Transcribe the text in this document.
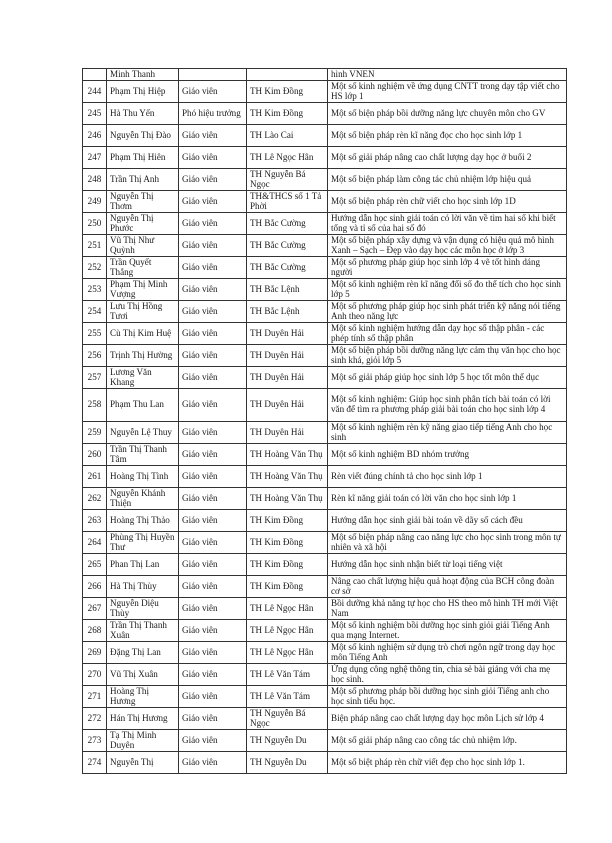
	Minh Thanh			hình VNEN
244	Phạm Thị Hiệp	Giáo viên	TH Kim Đồng	Một số kinh nghiệm về ứng dụng CNTT trong dạy tập viết cho HS lớp 1
245	Hà Thu Yến	Phó hiệu trưởng	TH Kim Đồng	Một số biện pháp bồi dưỡng năng lực chuyên môn cho GV
246	Nguyễn Thị Đào	Giáo viên	TH Lào Cai	Một số biện pháp rèn kĩ năng đọc cho học sinh lớp 1
247	Phạm Thị Hiên	Giáo viên	TH Lê Ngọc Hân	Một số giải pháp nâng cao chất lượng dạy học ở buổi 2
248	Trần Thị Anh	Giáo viên	TH Nguyễn Bá Ngọc	Một số biện pháp làm công tác chủ nhiệm lớp hiệu quả
249	Nguyễn Thị Thơm	Giáo viên	TH&THCS số 1 Tả Phời	Một số biện pháp rèn chữ viết cho học sinh lớp 1D
250	Nguyễn Thị Phước	Giáo viên	TH Bắc Cường	Hướng dẫn học sinh giải toán có lời văn về tìm hai số khi biết tổng và tỉ số của hai số đó
251	Vũ Thị Như Quỳnh	Giáo viên	TH Bắc Cường	Một số biện pháp xây dựng và vận dụng có hiệu quả mô hình Xanh – Sạch – Đẹp vào dạy học các môn học ở lớp 3
252	Trần Quyết Thắng	Giáo viên	TH Bắc Cường	Một số phương pháp giúp học sinh lớp 4 vẽ tốt hình dáng người
253	Phạm Thị Minh Vượng	Giáo viên	TH Bắc Lệnh	Một số kinh nghiệm rèn kĩ năng đổi số đo thể tích cho học sinh lớp 5
254	Lưu Thị Hồng Tươi	Giáo viên	TH Bắc Lệnh	Một số phương pháp giúp học sinh phát triển kỹ năng nói tiếng Anh theo năng lực
255	Cù Thị Kim Huệ	Giáo viên	TH Duyên Hải	Một số kinh nghiệm hướng dẫn dạy học số thập phân - các phép tính số thập phân
256	Trịnh Thị Hường	Giáo viên	TH Duyên Hải	Một số biện pháp bồi dưỡng năng lực cảm thụ văn học cho học sinh khá, giỏi lớp 5
257	Lương Văn Khang	Giáo viên	TH Duyên Hải	Một số giải pháp giúp học sinh lớp 5 học tốt môn thể dục
258	Phạm Thu Lan	Giáo viên	TH Duyên Hải	Một số kinh nghiệm: Giúp học sinh phân tích bài toán có lời văn để tìm ra phương pháp giải bài toán cho học sinh lớp 4
259	Nguyễn Lệ Thuy	Giáo viên	TH Duyên Hải	Một số kinh nghiệm rèn kỹ năng giao tiếp tiếng Anh cho học sinh
260	Trần Thị Thanh Tâm	Giáo viên	TH Hoàng Văn Thụ	Một số kinh nghiệm BD nhóm trưởng
261	Hoàng Thị Tình	Giáo viên	TH Hoàng Văn Thụ	Rèn viết đúng chính tả cho học sinh lớp 1
262	Nguyễn Khánh Thiện	Giáo viên	TH Hoàng Văn Thụ	Rèn kĩ năng giải toán có lời văn cho học sinh lớp 1
263	Hoàng Thị Thảo	Giáo viên	TH Kim Đồng	Hướng dẫn học sinh giải bài toán về dãy số cách đều
264	Phùng Thị Huyền Thư	Giáo viên	TH Kim Đồng	Một số biện pháp nâng cao năng lực cho học sinh trong môn tự nhiên và xã hội
265	Phan Thị Lan	Giáo viên	TH Kim Đồng	Hướng dẫn học sinh nhận biết từ loại tiếng việt
266	Hà Thị Thùy	Giáo viên	TH Kim Đồng	Nâng cao chất lượng hiệu quả hoạt động của BCH công đoàn cơ sở
267	Nguyễn Diệu Thùy	Giáo viên	TH Lê Ngọc Hân	Bồi dưỡng khả năng tự học cho HS theo mô hình TH mới Việt Nam
268	Trần Thị Thanh Xuân	Giáo viên	TH Lê Ngọc Hân	Một số kinh nghiệm bồi dưỡng học sinh giỏi giải Tiếng Anh qua mạng Internet.
269	Đặng Thị Lan	Giáo viên	TH Lê Ngọc Hân	Một số kinh nghiệm sử dụng trò chơi ngôn ngữ trong dạy học môn Tiếng Anh
270	Vũ Thị Xuân	Giáo viên	TH Lê Văn Tám	Ứng dụng công nghệ thông tin, chia sẻ bài giảng với cha mẹ học sinh.
271	Hoàng Thị Hương	Giáo viên	TH Lê Văn Tám	Một số phương pháp bồi dưỡng học sinh giỏi Tiếng anh cho học sinh tiểu học.
272	Hán Thị Hương	Giáo viên	TH Nguyễn Bá Ngọc	Biện pháp nâng cao chất lượng dạy học môn Lịch sử lớp 4
273	Tạ Thị Minh Duyên	Giáo viên	TH Nguyễn Du	Một số giải pháp nâng cao công tác chủ nhiệm lớp.
274	Nguyễn Thị	Giáo viên	TH Nguyễn Du	Một số biệt pháp rèn chữ viết đẹp cho học sinh lớp 1.
